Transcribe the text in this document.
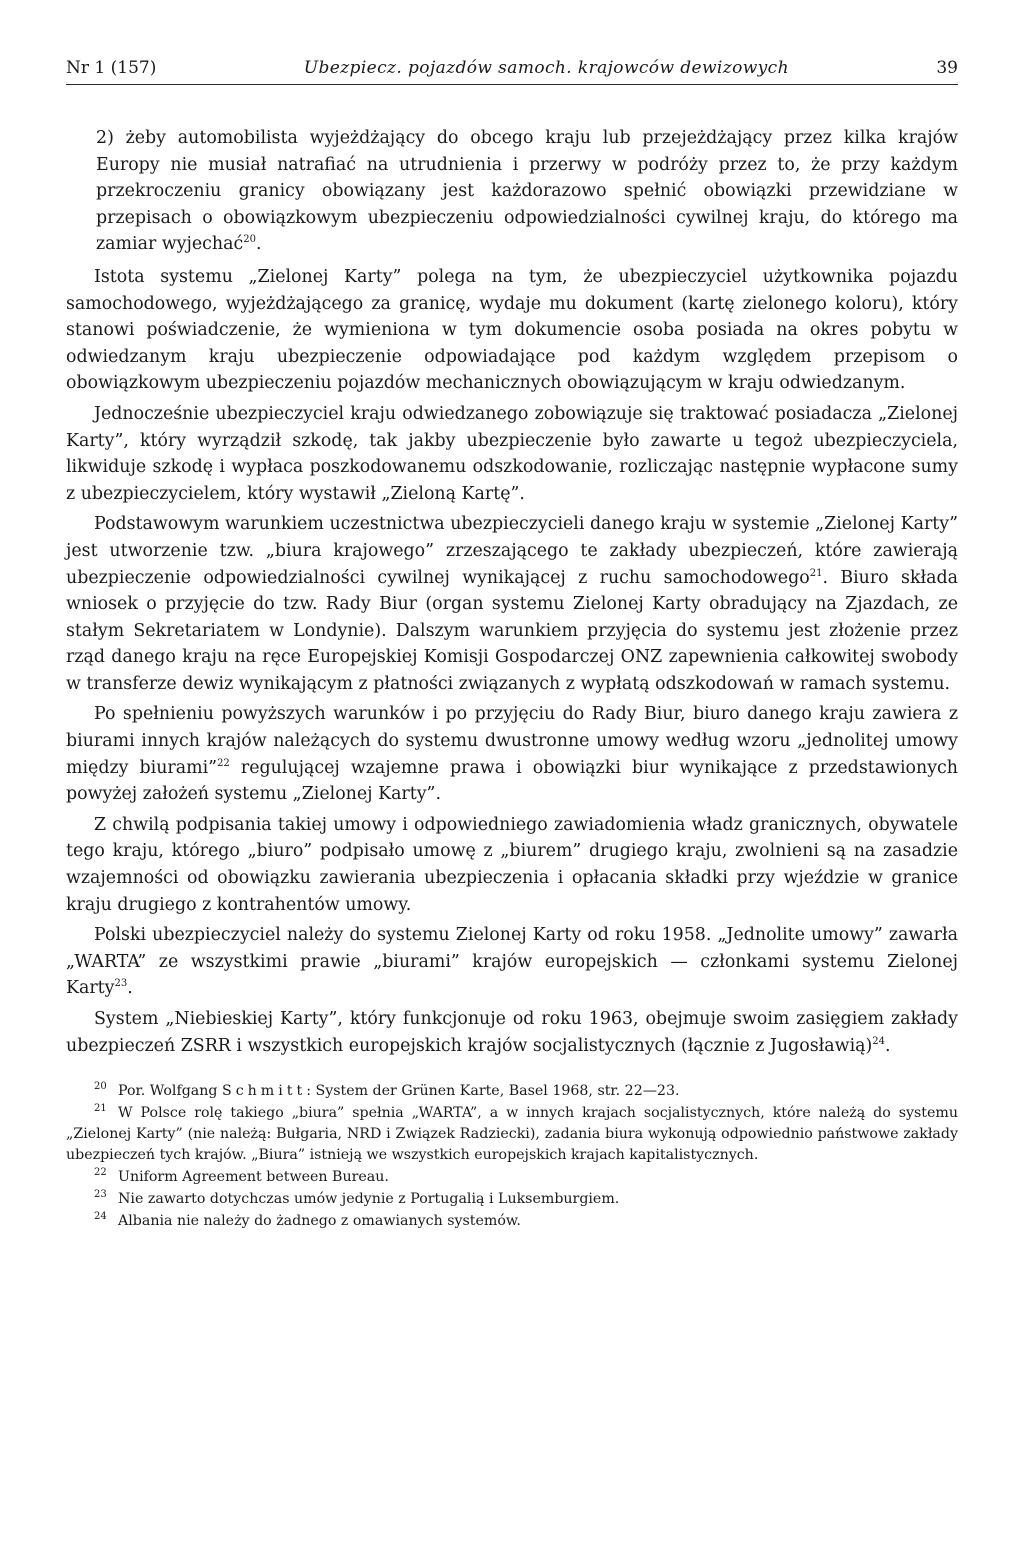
Nr 1 (157)	Ubezpiecz. pojazdów samoch. krajowców dewizowych	39

2) żeby automobilista wyjeżdżający do obcego kraju lub przejeżdżający przez kilka krajów Europy nie musiał natrafiać na utrudnienia i przerwy w podróży przez to, że przy każdym przekroczeniu granicy obowiązany jest każdorazowo spełnić obowiązki przewidziane w przepisach o obowiązkowym ubezpieczeniu odpowiedzialności cywilnej kraju, do którego ma zamiar wyjechać$^{20}$.

Istota systemu „Zielonej Karty” polega na tym, że ubezpieczyciel użytkownika pojazdu samochodowego, wyjeżdżającego za granicę, wydaje mu dokument (kartę zielonego koloru), który stanowi poświadczenie, że wymieniona w tym dokumencie osoba posiada na okres pobytu w odwiedzanym kraju ubezpieczenie odpowiadające pod każdym względem przepisom o obowiązkowym ubezpieczeniu pojazdów mechanicznych obowiązującym w kraju odwiedzanym.

Jednocześnie ubezpieczyciel kraju odwiedzanego zobowiązuje się traktować posiadacza „Zielonej Karty”, który wyrządził szkodę, tak jakby ubezpieczenie było zawarte u tegoż ubezpieczyciela, likwiduje szkodę i wypłaca poszkodowanemu odszkodowanie, rozliczając następnie wypłacone sumy z ubezpieczycielem, który wystawił „Zieloną Kartę”.

Podstawowym warunkiem uczestnictwa ubezpieczycieli danego kraju w systemie „Zielonej Karty” jest utworzenie tzw. „biura krajowego” zrzeszającego te zakłady ubezpieczeń, które zawierają ubezpieczenie odpowiedzialności cywilnej wynikającej z ruchu samochodowego$^{21}$. Biuro składa wniosek o przyjęcie do tzw. Rady Biur (organ systemu Zielonej Karty obradujący na Zjazdach, ze stałym Sekretariatem w Londynie). Dalszym warunkiem przyjęcia do systemu jest złożenie przez rząd danego kraju na ręce Europejskiej Komisji Gospodarczej ONZ zapewnienia całkowitej swobody w transferze dewiz wynikającym z płatności związanych z wypłatą odszkodowań w ramach systemu.

Po spełnieniu powyższych warunków i po przyjęciu do Rady Biur, biuro danego kraju zawiera z biurami innych krajów należących do systemu dwustronne umowy według wzoru „jednolitej umowy między biurami”$^{22}$ regulującej wzajemne prawa i obowiązki biur wynikające z przedstawionych powyżej założeń systemu „Zielonej Karty”.

Z chwilą podpisania takiej umowy i odpowiedniego zawiadomienia władz granicznych, obywatele tego kraju, którego „biuro” podpisało umowę z „biurem” drugiego kraju, zwolnieni są na zasadzie wzajemności od obowiązku zawierania ubezpieczenia i opłacania składki przy wjeździe w granice kraju drugiego z kontrahentów umowy.

Polski ubezpieczyciel należy do systemu Zielonej Karty od roku 1958. „Jednolite umowy” zawarła „WARTA” ze wszystkimi prawie „biurami” krajów europejskich — członkami systemu Zielonej Karty$^{23}$.

System „Niebieskiej Karty”, który funkcjonuje od roku 1963, obejmuje swoim zasięgiem zakłady ubezpieczeń ZSRR i wszystkich europejskich krajów socjalistycznych (łącznie z Jugosławią)$^{24}$.

20 Por. Wolfgang Schmitt: System der Grünen Karte, Basel 1968, str. 22—23.

21 W Polsce rolę takiego „biura” spełnia „WARTA”, a w innych krajach socjalistycznych, które należą do systemu „Zielonej Karty” (nie należą: Bułgaria, NRD i Związek Radziecki), zadania biura wykonują odpowiednio państwowe zakłady ubezpieczeń tych krajów. „Biura” istnieją we wszystkich europejskich krajach kapitalistycznych.

22 Uniform Agreement between Bureau.

23 Nie zawarto dotychczas umów jedynie z Portugalią i Luksemburgiem.

24 Albania nie należy do żadnego z omawianych systemów.
